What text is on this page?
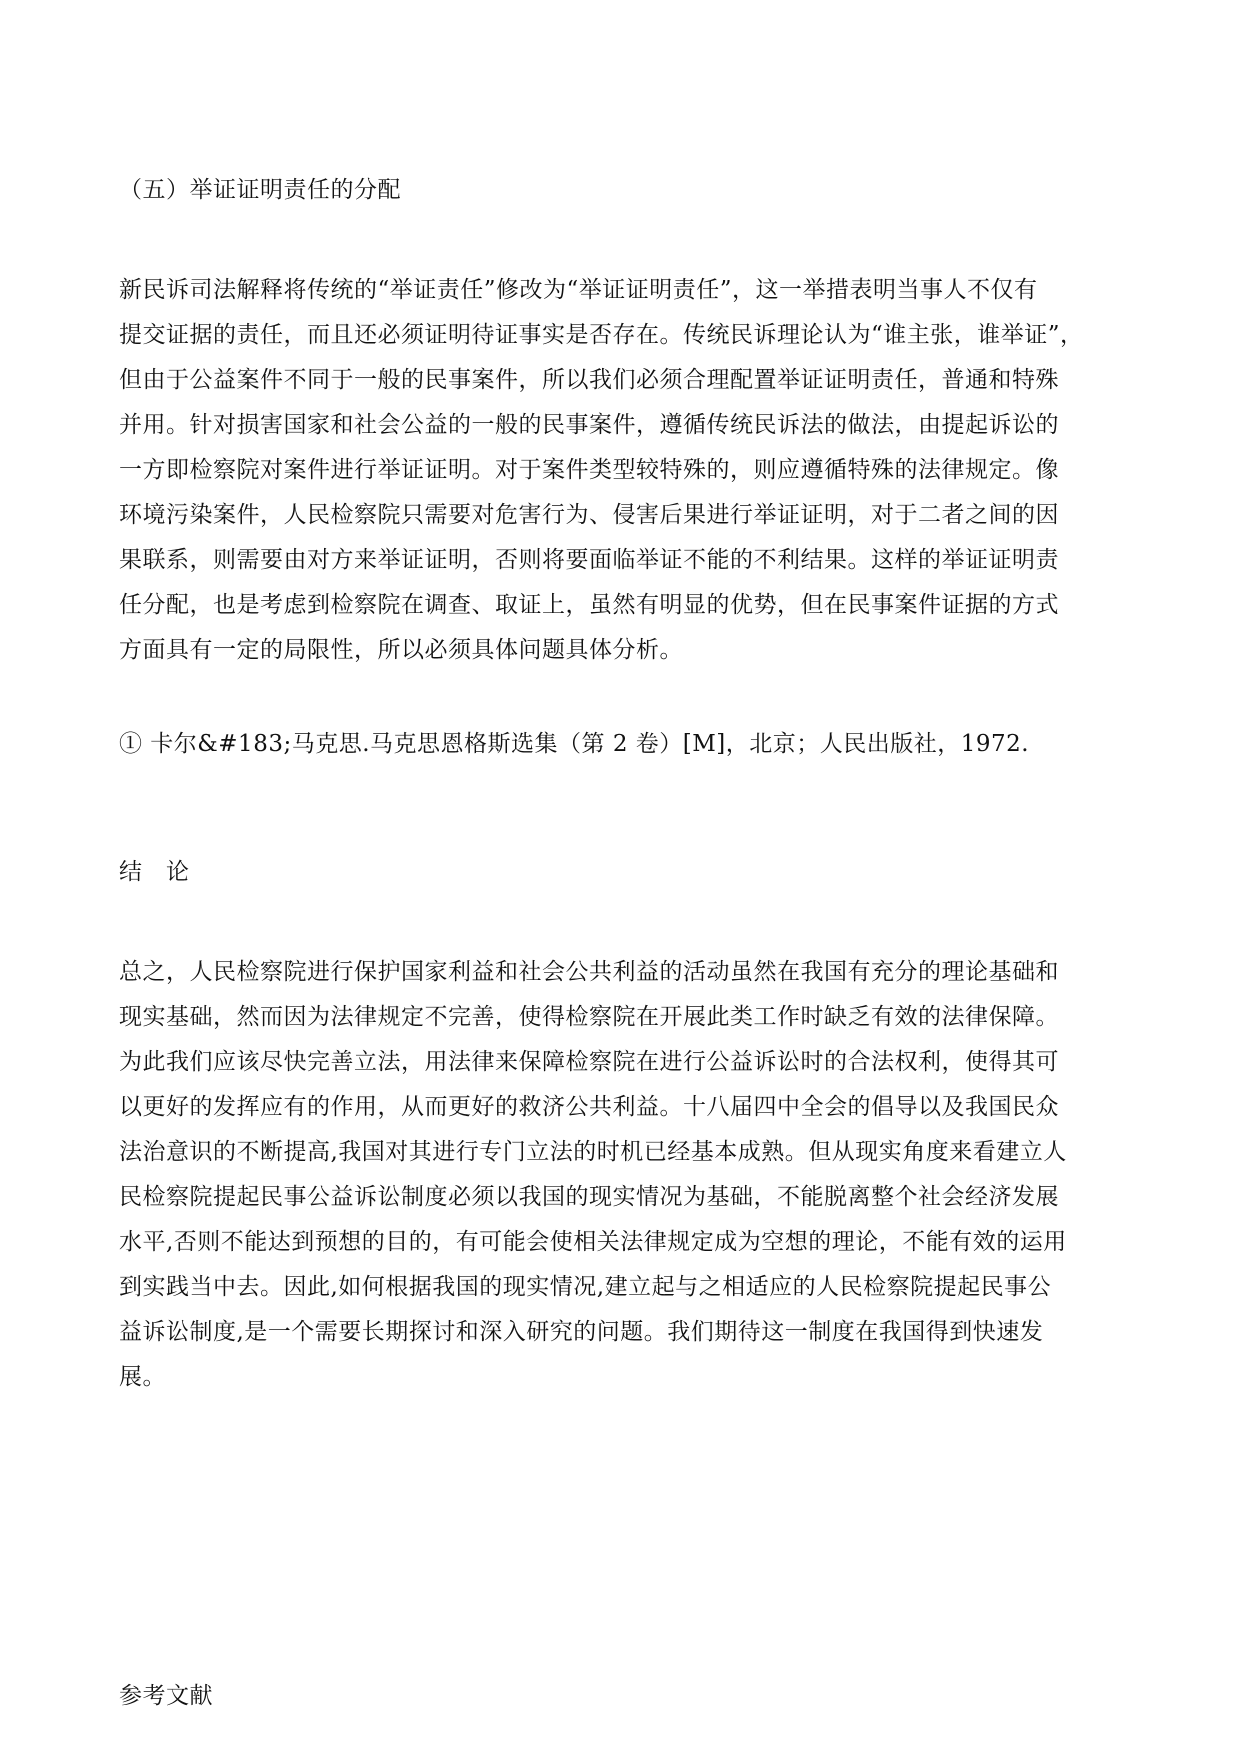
（五）举证证明责任的分配

新民诉司法解释将传统的“举证责任”修改为“举证证明责任”，这一举措表明当事人不仅有
提交证据的责任，而且还必须证明待证事实是否存在。传统民诉理论认为“谁主张，谁举证”，
但由于公益案件不同于一般的民事案件，所以我们必须合理配置举证证明责任，普通和特殊
并用。针对损害国家和社会公益的一般的民事案件，遵循传统民诉法的做法，由提起诉讼的
一方即检察院对案件进行举证证明。对于案件类型较特殊的，则应遵循特殊的法律规定。像
环境污染案件，人民检察院只需要对危害行为、侵害后果进行举证证明，对于二者之间的因
果联系，则需要由对方来举证证明，否则将要面临举证不能的不利结果。这样的举证证明责
任分配，也是考虑到检察院在调查、取证上，虽然有明显的优势，但在民事案件证据的方式
方面具有一定的局限性，所以必须具体问题具体分析。

① 卡尔&#183;马克思.马克思恩格斯选集（第 2 卷）[M]，北京；人民出版社，1972.

结　论

总之，人民检察院进行保护国家利益和社会公共利益的活动虽然在我国有充分的理论基础和
现实基础，然而因为法律规定不完善，使得检察院在开展此类工作时缺乏有效的法律保障。
为此我们应该尽快完善立法，用法律来保障检察院在进行公益诉讼时的合法权利，使得其可
以更好的发挥应有的作用，从而更好的救济公共利益。十八届四中全会的倡导以及我国民众
法治意识的不断提高,我国对其进行专门立法的时机已经基本成熟。但从现实角度来看建立人
民检察院提起民事公益诉讼制度必须以我国的现实情况为基础，不能脱离整个社会经济发展
水平,否则不能达到预想的目的，有可能会使相关法律规定成为空想的理论，不能有效的运用
到实践当中去。因此,如何根据我国的现实情况,建立起与之相适应的人民检察院提起民事公
益诉讼制度,是一个需要长期探讨和深入研究的问题。我们期待这一制度在我国得到快速发
展。

参考文献
